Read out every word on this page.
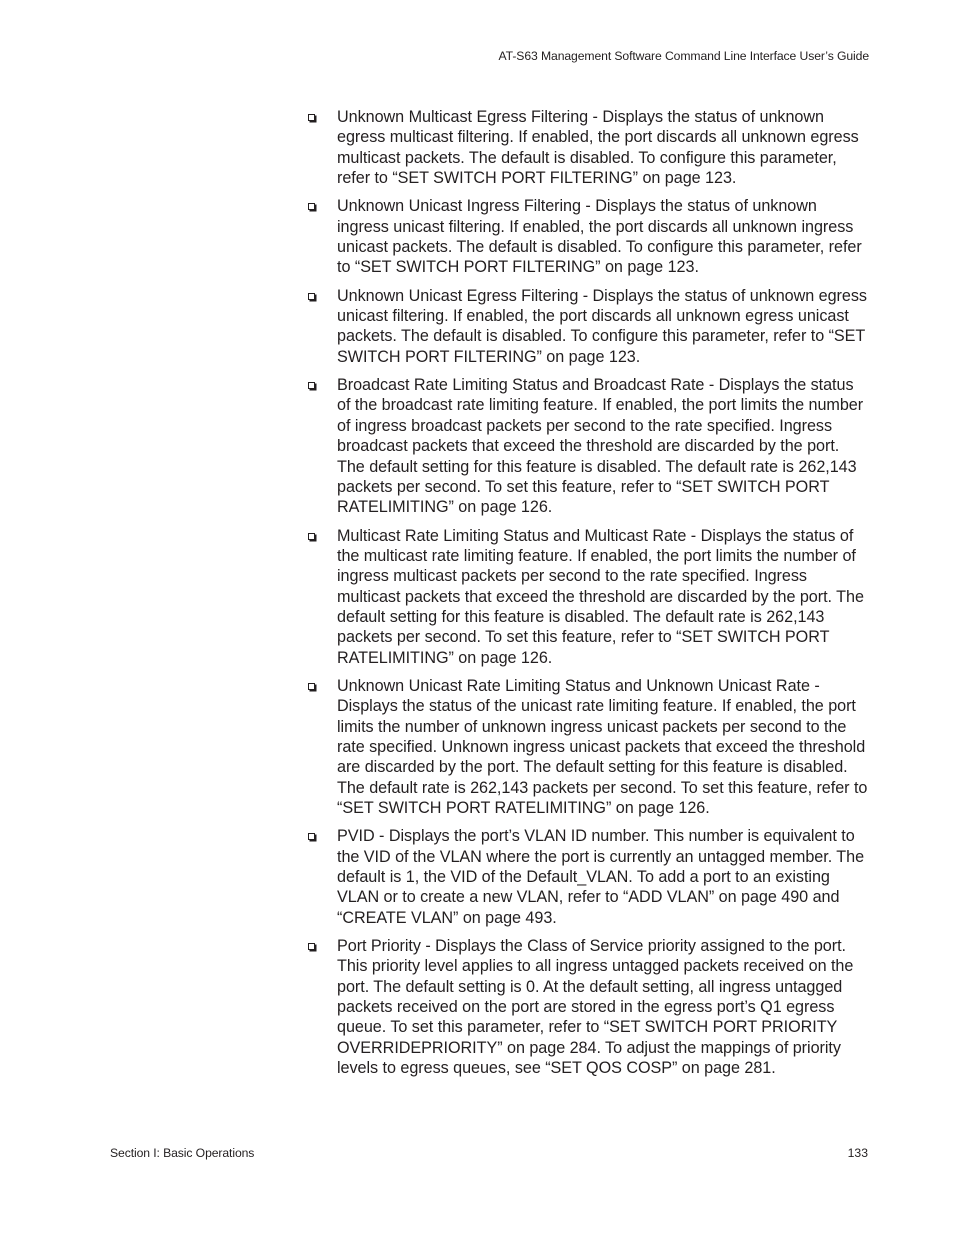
AT-S63 Management Software Command Line Interface User’s Guide
Unknown Multicast Egress Filtering - Displays the status of unknown egress multicast filtering. If enabled, the port discards all unknown egress multicast packets. The default is disabled. To configure this parameter, refer to “SET SWITCH PORT FILTERING” on page 123.
Unknown Unicast Ingress Filtering - Displays the status of unknown ingress unicast filtering. If enabled, the port discards all unknown ingress unicast packets. The default is disabled. To configure this parameter, refer to “SET SWITCH PORT FILTERING” on page 123.
Unknown Unicast Egress Filtering - Displays the status of unknown egress unicast filtering. If enabled, the port discards all unknown egress unicast packets. The default is disabled. To configure this parameter, refer to “SET SWITCH PORT FILTERING” on page 123.
Broadcast Rate Limiting Status and Broadcast Rate - Displays the status of the broadcast rate limiting feature. If enabled, the port limits the number of ingress broadcast packets per second to the rate specified. Ingress broadcast packets that exceed the threshold are discarded by the port. The default setting for this feature is disabled. The default rate is 262,143 packets per second. To set this feature, refer to “SET SWITCH PORT RATELIMITING” on page 126.
Multicast Rate Limiting Status and Multicast Rate - Displays the status of the multicast rate limiting feature. If enabled, the port limits the number of ingress multicast packets per second to the rate specified. Ingress multicast packets that exceed the threshold are discarded by the port. The default setting for this feature is disabled. The default rate is 262,143 packets per second. To set this feature, refer to “SET SWITCH PORT RATELIMITING” on page 126.
Unknown Unicast Rate Limiting Status and Unknown Unicast Rate - Displays the status of the unicast rate limiting feature. If enabled, the port limits the number of unknown ingress unicast packets per second to the rate specified. Unknown ingress unicast packets that exceed the threshold are discarded by the port. The default setting for this feature is disabled. The default rate is 262,143 packets per second. To set this feature, refer to “SET SWITCH PORT RATELIMITING” on page 126.
PVID - Displays the port’s VLAN ID number. This number is equivalent to the VID of the VLAN where the port is currently an untagged member. The default is 1, the VID of the Default_VLAN. To add a port to an existing VLAN or to create a new VLAN, refer to “ADD VLAN” on page 490 and “CREATE VLAN” on page 493.
Port Priority - Displays the Class of Service priority assigned to the port. This priority level applies to all ingress untagged packets received on the port. The default setting is 0. At the default setting, all ingress untagged packets received on the port are stored in the egress port’s Q1 egress queue. To set this parameter, refer to “SET SWITCH PORT PRIORITY OVERRIDEPRIORITY” on page 284. To adjust the mappings of priority levels to egress queues, see “SET QOS COSP” on page 281.
Section I: Basic Operations	133
